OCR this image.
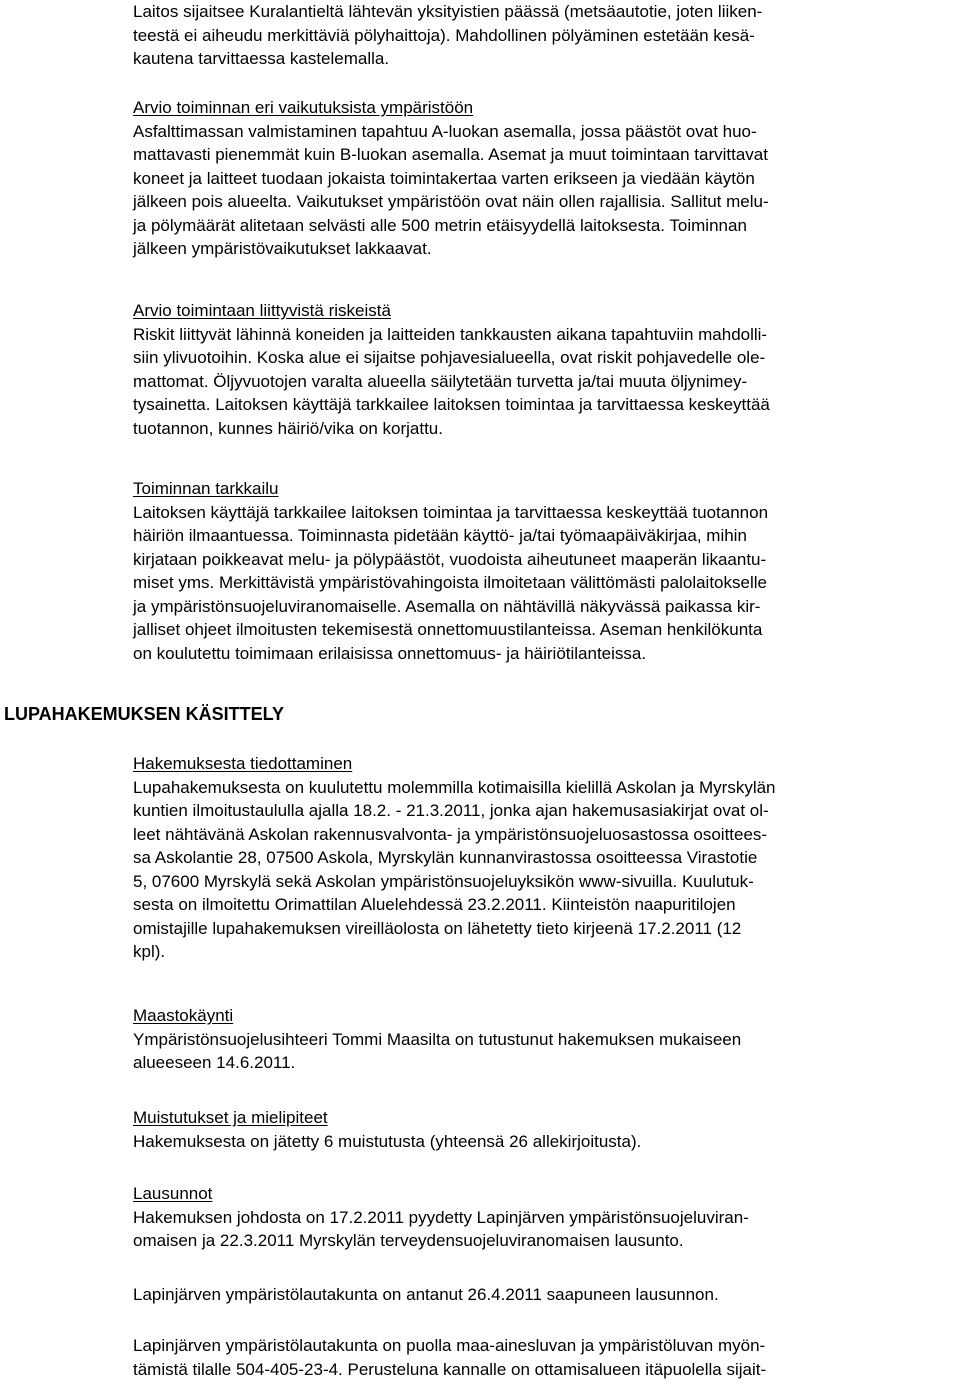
Laitos sijaitsee Kuralantieltä lähtevän yksityistien päässä (metsäautotie, joten liiken-
teestä ei aiheudu merkittäviä pölyhaittoja). Mahdollinen pölyäminen estetään kesä-
kautena tarvittaessa kastelemalla.
Arvio toiminnan eri vaikutuksista ympäristöön
Asfalttimassan valmistaminen tapahtuu A-luokan asemalla, jossa päästöt ovat huo-
mattavasti pienemmät kuin B-luokan asemalla. Asemat ja muut toimintaan tarvittavat
koneet ja laitteet tuodaan jokaista toimintakertaa varten erikseen ja viedään käytön
jälkeen pois alueelta. Vaikutukset ympäristöön ovat näin ollen rajallisia. Sallitut melu-
ja pölymäärät alitetaan selvästi alle 500 metrin etäisyydellä laitoksesta. Toiminnan
jälkeen ympäristövaikutukset lakkaavat.
Arvio toimintaan liittyvistä riskeistä
Riskit liittyvät lähinnä koneiden ja laitteiden tankkausten aikana tapahtuviin mahdolli-
siin ylivuotoihin. Koska alue ei sijaitse pohjavesialueella, ovat riskit pohjavedelle ole-
mattomat. Öljyvuotojen varalta alueella säilytetään turvetta ja/tai muuta öljynimey-
tysainetta. Laitoksen käyttäjä tarkkailee laitoksen toimintaa ja tarvittaessa keskeyttää
tuotannon, kunnes häiriö/vika on korjattu.
Toiminnan tarkkailu
Laitoksen käyttäjä tarkkailee laitoksen toimintaa ja tarvittaessa keskeyttää tuotannon
häiriön ilmaantuessa. Toiminnasta pidetään käyttö- ja/tai työmaapäiväkirjaa, mihin
kirjataan poikkeavat melu- ja pölypäästöt, vuodoista aiheutuneet maaperän likaantu-
miset yms. Merkittävistä ympäristövahingoista ilmoitetaan välittömästi palolaitokselle
ja ympäristönsuojeluviranomaiselle. Asemalla on nähtävillä näkyvässä paikassa kir-
jalliset ohjeet ilmoitusten tekemisestä onnettomuustilanteissa. Aseman henkilökunta
on koulutettu toimimaan erilaisissa onnettomuus- ja häiriötilanteissa.
LUPAHAKEMUKSEN KÄSITTELY
Hakemuksesta tiedottaminen
Lupahakemuksesta on kuulutettu molemmilla kotimaisilla kielillä Askolan ja Myrskylän
kuntien ilmoitustaululla ajalla 18.2. - 21.3.2011, jonka ajan hakemusasiakirjat ovat ol-
leet nähtävänä Askolan rakennusvalvonta- ja ympäristönsuojeluosastossa osoittees-
sa Askolantie 28, 07500 Askola, Myrskylän kunnanvirastossa osoitteessa Virastotie
5, 07600 Myrskylä sekä Askolan ympäristönsuojeluyksikön www-sivuilla. Kuulutuk-
sesta on ilmoitettu Orimattilan Aluelehdessä 23.2.2011. Kiinteistön naapuritilojen
omistajille lupahakemuksen vireilläolosta on lähetetty tieto kirjeenä 17.2.2011 (12
kpl).
Maastokäynti
Ympäristönsuojelusihteeri Tommi Maasilta on tutustunut hakemuksen mukaiseen
alueeseen 14.6.2011.
Muistutukset ja mielipiteet
Hakemuksesta on jätetty 6 muistutusta (yhteensä 26 allekirjoitusta).
Lausunnot
Hakemuksen johdosta on 17.2.2011 pyydetty Lapinjärven ympäristönsuojeluviran-
omaisen ja 22.3.2011 Myrskylän terveydensuojeluviranomaisen lausunto.
Lapinjärven ympäristölautakunta on antanut 26.4.2011 saapuneen lausunnon.
Lapinjärven ympäristölautakunta on puolla maa-ainesluvan ja ympäristöluvan myön-
tämistä tilalle 504-405-23-4. Perusteluna kannalle on ottamisalueen itäpuolella sijait-
